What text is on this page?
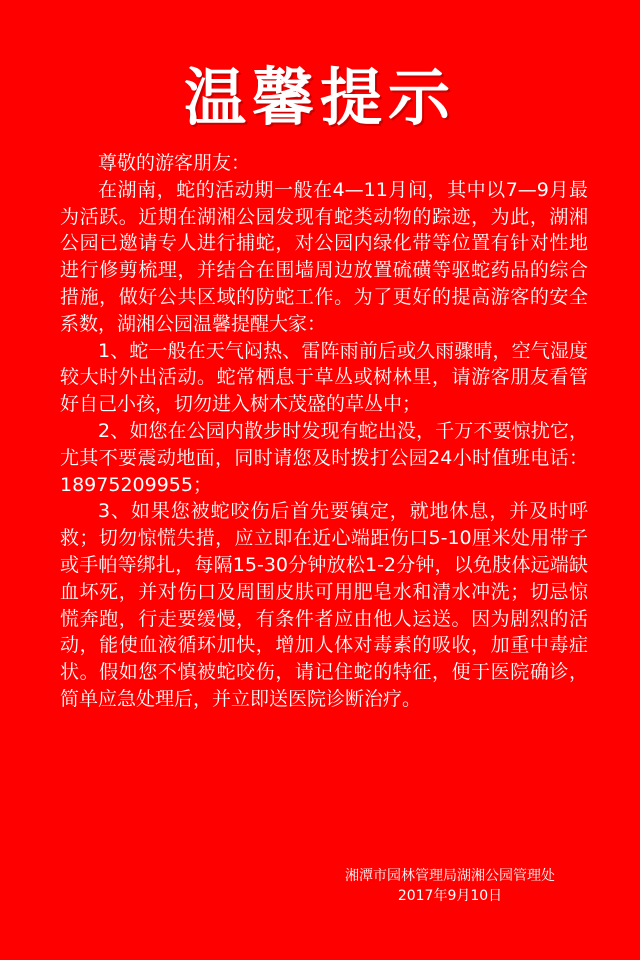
温馨提示

尊敬的游客朋友：

在湖南，蛇的活动期一般在4—11月间，其中以7—9月最为活跃。近期在湖湘公园发现有蛇类动物的踪迹，为此，湖湘公园已邀请专人进行捕蛇，对公园内绿化带等位置有针对性地进行修剪梳理，并结合在围墙周边放置硫磺等驱蛇药品的综合措施，做好公共区域的防蛇工作。为了更好的提高游客的安全系数，湖湘公园温馨提醒大家：

1、蛇一般在天气闷热、雷阵雨前后或久雨骤晴，空气湿度较大时外出活动。蛇常栖息于草丛或树林里，请游客朋友看管好自己小孩，切勿进入树木茂盛的草丛中；

2、如您在公园内散步时发现有蛇出没，千万不要惊扰它，尤其不要震动地面，同时请您及时拨打公园24小时值班电话：18975209955；

3、如果您被蛇咬伤后首先要镇定，就地休息，并及时呼救；切勿惊慌失措，应立即在近心端距伤口5-10厘米处用带子或手帕等绑扎，每隔15-30分钟放松1-2分钟，以免肢体远端缺血坏死，并对伤口及周围皮肤可用肥皂水和清水冲洗；切忌惊慌奔跑，行走要缓慢，有条件者应由他人运送。因为剧烈的活动，能使血液循环加快，增加人体对毒素的吸收，加重中毒症状。假如您不慎被蛇咬伤，请记住蛇的特征，便于医院确诊，简单应急处理后，并立即送医院诊断治疗。

湘潭市园林管理局湖湘公园管理处
2017年9月10日
